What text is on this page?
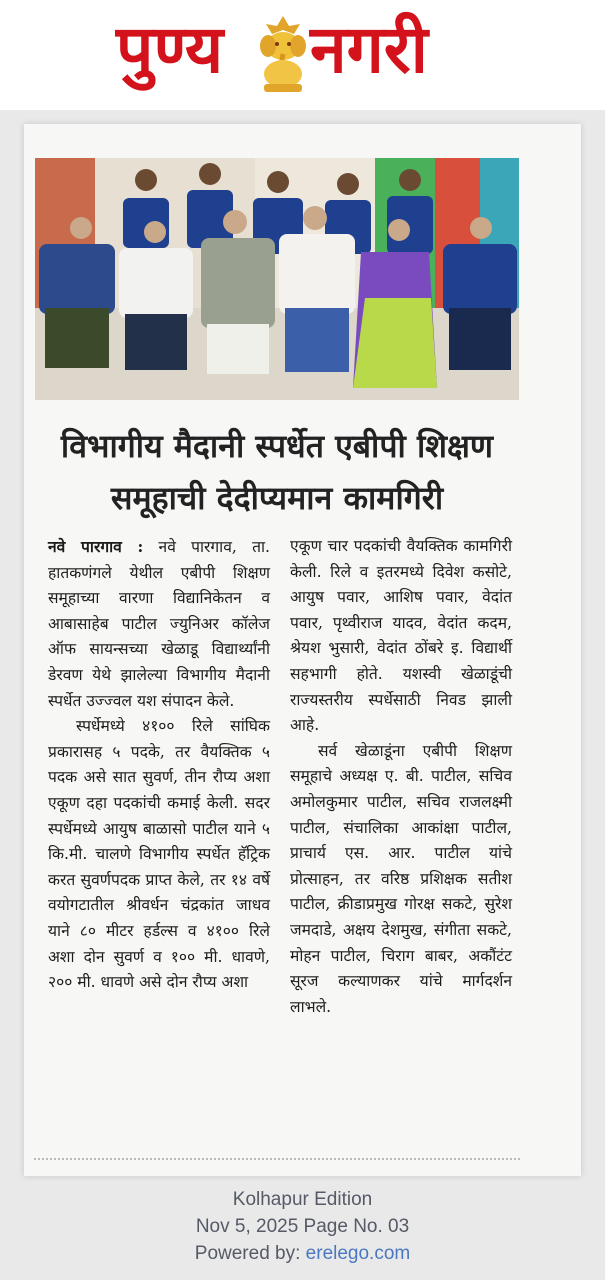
पुण्य नगरी
विभागीय मैदानी स्पर्धेत एबीपी शिक्षण
समूहाची देदीप्यमान कामगिरी

नवे पारगाव : नवे पारगाव, ता. हातकणंगले येथील एबीपी शिक्षण समूहाच्या वारणा विद्यानिकेतन व आबासाहेब पाटील ज्युनिअर कॉलेज ऑफ सायन्सच्या खेळाडू विद्यार्थ्यांनी डेरवण येथे झालेल्या विभागीय मैदानी स्पर्धेत उज्ज्वल यश संपादन केले.

स्पर्धेमध्ये ४१०० रिले सांघिक प्रकारासह ५ पदके, तर वैयक्तिक ५ पदक असे सात सुवर्ण, तीन रौप्य अशा एकूण दहा पदकांची कमाई केली. सदर स्पर्धेमध्ये आयुष बाळासो पाटील याने ५ कि.मी. चालणे विभागीय स्पर्धेत हॅट्रिक करत सुवर्णपदक प्राप्त केले, तर १४ वर्षे वयोगटातील श्रीवर्धन चंद्रकांत जाधव याने ८० मीटर हर्डल्स व ४१०० रिले अशा दोन सुवर्ण व १०० मी. धावणे, २०० मी. धावणे असे दोन रौप्य अशा

एकूण चार पदकांची वैयक्तिक कामगिरी केली. रिले व इतरमध्ये दिवेश कसोटे, आयुष पवार, आशिष पवार, वेदांत पवार, पृथ्वीराज यादव, वेदांत कदम, श्रेयश भुसारी, वेदांत ठोंबरे इ. विद्यार्थी सहभागी होते. यशस्वी खेळाडूंची राज्यस्तरीय स्पर्धेसाठी निवड झाली आहे.

सर्व खेळाडूंना एबीपी शिक्षण समूहाचे अध्यक्ष ए. बी. पाटील, सचिव अमोलकुमार पाटील, सचिव राजलक्ष्मी पाटील, संचालिका आकांक्षा पाटील, प्राचार्य एस. आर. पाटील यांचे प्रोत्साहन, तर वरिष्ठ प्रशिक्षक सतीश पाटील, क्रीडाप्रमुख गोरक्ष सकटे, सुरेश जमदाडे, अक्षय देशमुख, संगीता सकटे, मोहन पाटील, चिराग बाबर, अकौंटंट सूरज कल्याणकर यांचे मार्गदर्शन लाभले.

Kolhapur Edition
Nov 5, 2025 Page No. 03
Powered by: erelego.com
